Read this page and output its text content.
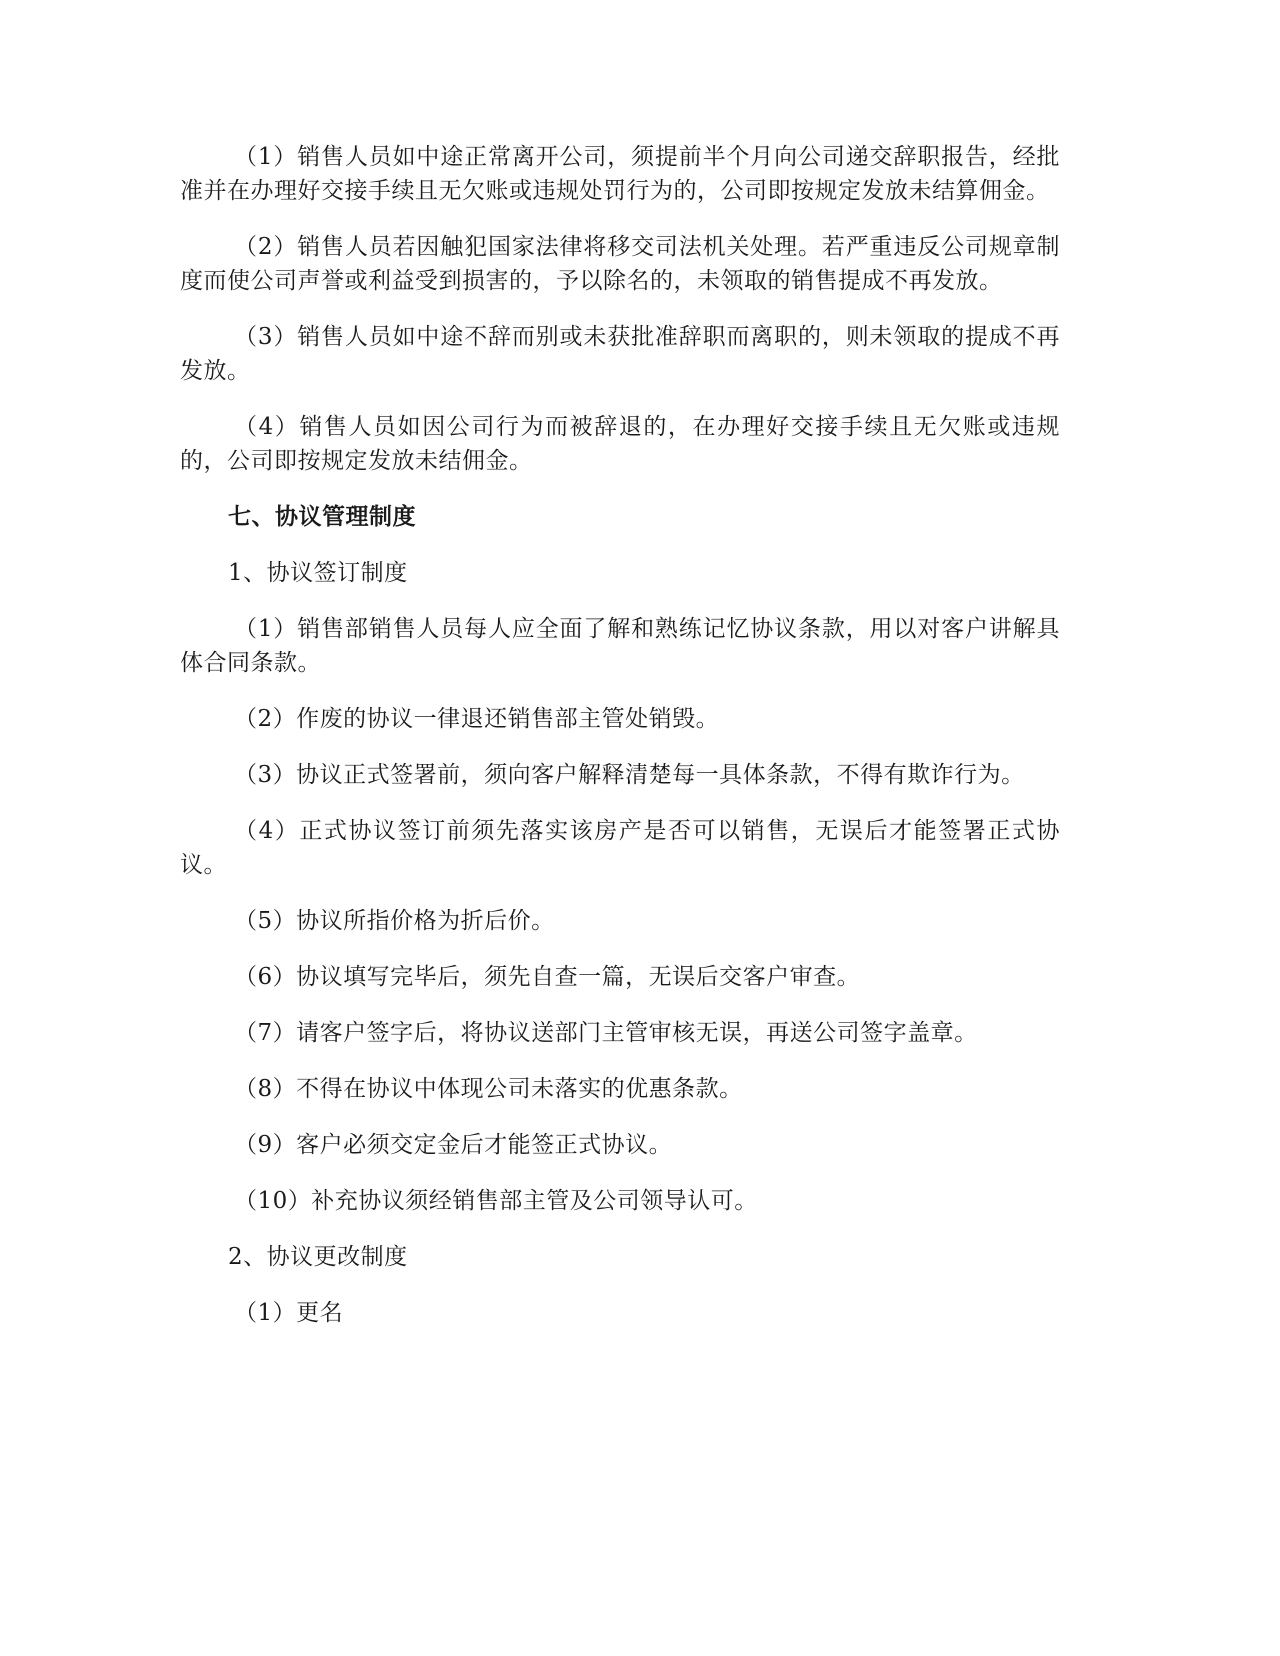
（1）销售人员如中途正常离开公司，须提前半个月向公司递交辞职报告，经批准并在办理好交接手续且无欠账或违规处罚行为的，公司即按规定发放未结算佣金。

（2）销售人员若因触犯国家法律将移交司法机关处理。若严重违反公司规章制度而使公司声誉或利益受到损害的，予以除名的，未领取的销售提成不再发放。

（3）销售人员如中途不辞而别或未获批准辞职而离职的，则未领取的提成不再发放。

（4）销售人员如因公司行为而被辞退的，在办理好交接手续且无欠账或违规的，公司即按规定发放未结佣金。

七、协议管理制度

1、协议签订制度

（1）销售部销售人员每人应全面了解和熟练记忆协议条款，用以对客户讲解具体合同条款。

（2）作废的协议一律退还销售部主管处销毁。

（3）协议正式签署前，须向客户解释清楚每一具体条款，不得有欺诈行为。

（4）正式协议签订前须先落实该房产是否可以销售，无误后才能签署正式协议。

（5）协议所指价格为折后价。

（6）协议填写完毕后，须先自查一篇，无误后交客户审查。

（7）请客户签字后，将协议送部门主管审核无误，再送公司签字盖章。

（8）不得在协议中体现公司未落实的优惠条款。

（9）客户必须交定金后才能签正式协议。

（10）补充协议须经销售部主管及公司领导认可。

2、协议更改制度

（1）更名
